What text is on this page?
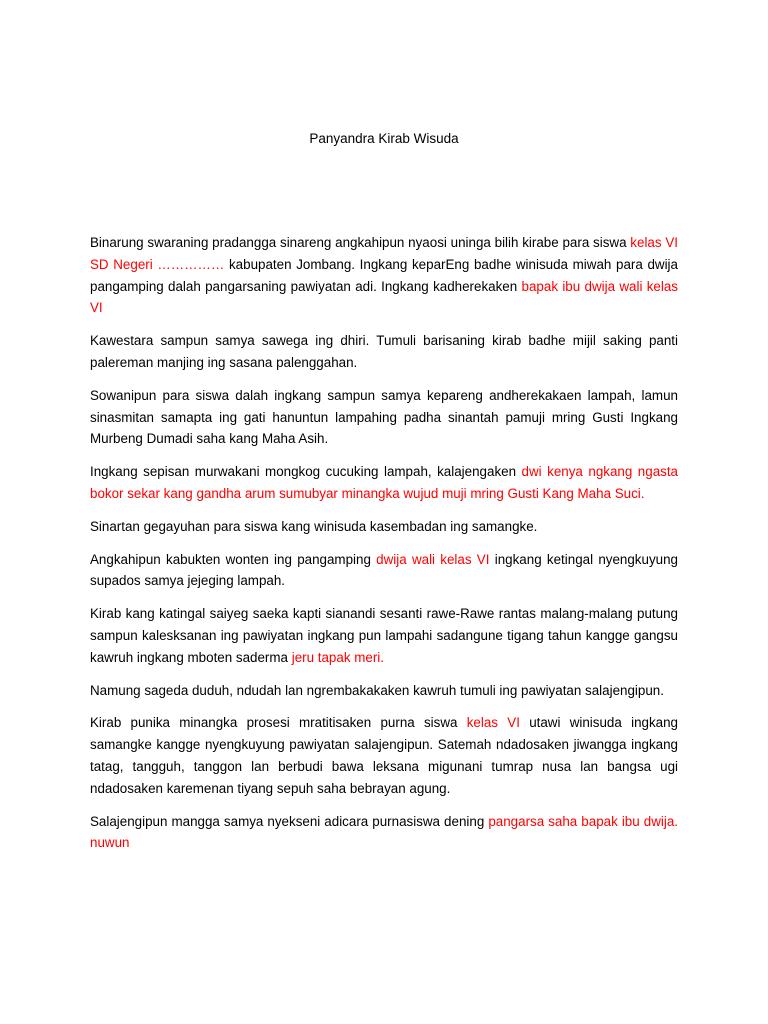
Panyandra Kirab Wisuda

Binarung swaraning pradangga sinareng angkahipun nyaosi uninga bilih kirabe para siswa kelas VI SD Negeri …………… kabupaten Jombang. Ingkang keparEng badhe winisuda miwah para dwija pangamping dalah pangarsaning pawiyatan adi. Ingkang kadherekaken bapak ibu dwija wali kelas VI

Kawestara sampun samya sawega ing dhiri. Tumuli barisaning kirab badhe mijil saking panti palereman manjing ing sasana palenggahan.

Sowanipun para siswa dalah ingkang sampun samya kepareng andherekakaen lampah, lamun sinasmitan samapta ing gati hanuntun lampahing padha sinantah pamuji mring Gusti Ingkang Murbeng Dumadi saha kang Maha Asih.

Ingkang sepisan murwakani mongkog cucuking lampah, kalajengaken dwi kenya ngkang ngasta bokor sekar kang gandha arum sumubyar minangka wujud muji mring Gusti Kang Maha Suci.

Sinartan gegayuhan para siswa kang winisuda kasembadan ing samangke.

Angkahipun kabukten wonten ing pangamping dwija wali kelas VI ingkang ketingal nyengkuyung supados samya jejeging lampah.

Kirab kang katingal saiyeg saeka kapti sianandi sesanti rawe-Rawe rantas malang-malang putung sampun kalesksanan ing pawiyatan ingkang pun lampahi sadangune tigang tahun kangge gangsu kawruh ingkang mboten saderma jeru tapak meri.

Namung sageda duduh, ndudah lan ngrembakakaken kawruh tumuli ing pawiyatan salajengipun.

Kirab punika minangka prosesi mratitisaken purna siswa kelas VI utawi winisuda ingkang samangke kangge nyengkuyung pawiyatan salajengipun. Satemah ndadosaken jiwangga ingkang tatag, tangguh, tanggon lan berbudi bawa leksana migunani tumrap nusa lan bangsa ugi ndadosaken karemenan tiyang sepuh saha bebrayan agung.

Salajengipun mangga samya nyekseni adicara purnasiswa dening pangarsa saha bapak ibu dwija. nuwun
